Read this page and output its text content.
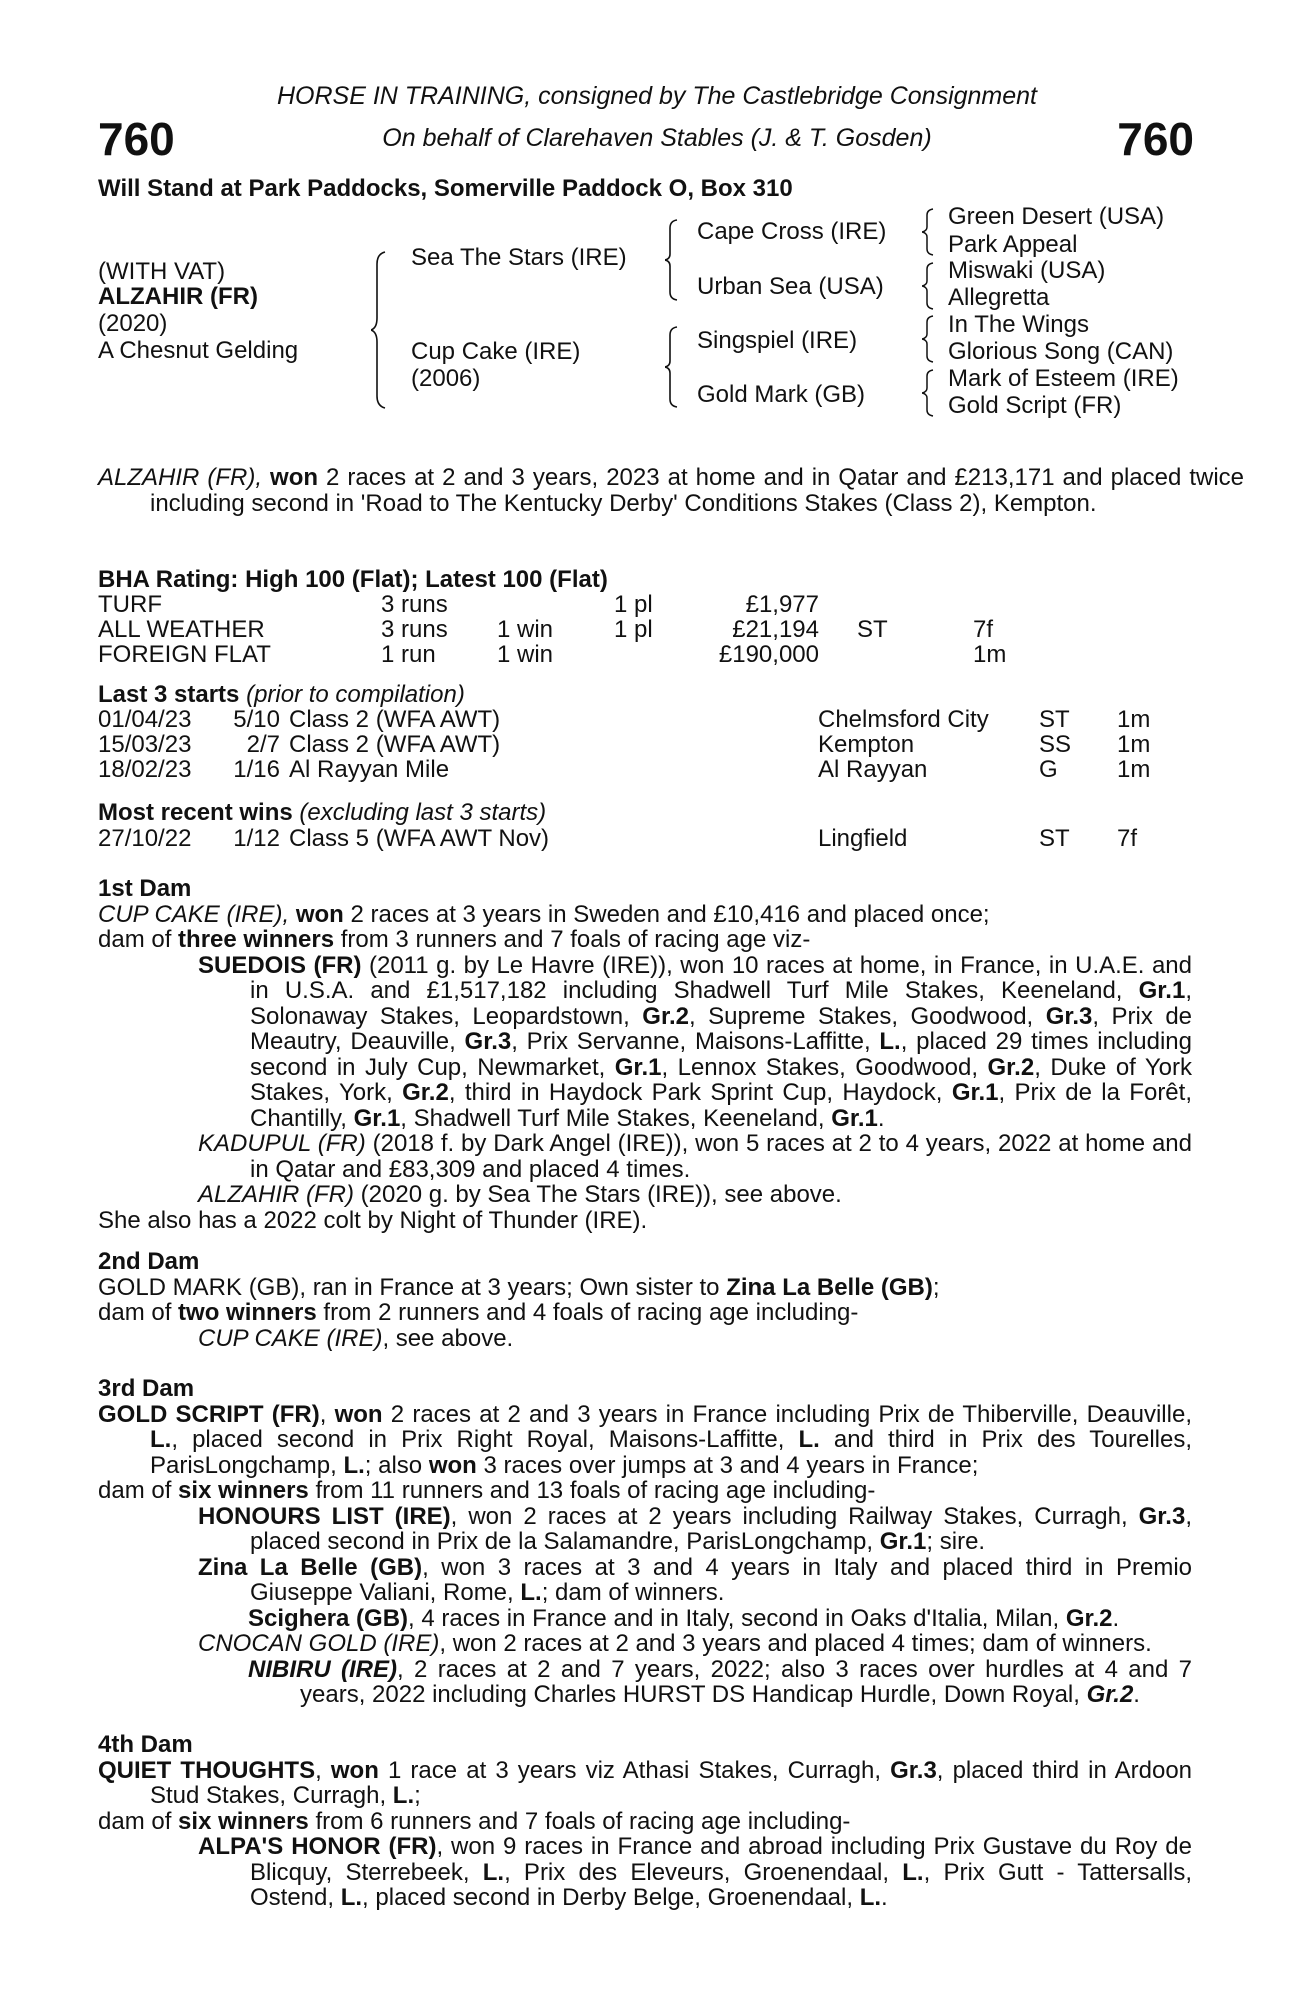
HORSE IN TRAINING, consigned by The Castlebridge Consignment
760	On behalf of Clarehaven Stables (J. & T. Gosden)	760
Will Stand at Park Paddocks, Somerville Paddock O, Box 310
(WITH VAT)
ALZAHIR (FR)
(2020)
A Chesnut Gelding
Sea The Stars (IRE)
Cup Cake (IRE)
(2006)
Cape Cross (IRE)
Urban Sea (USA)
Singspiel (IRE)
Gold Mark (GB)
Green Desert (USA)
Park Appeal
Miswaki (USA)
Allegretta
In The Wings
Glorious Song (CAN)
Mark of Esteem (IRE)
Gold Script (FR)
ALZAHIR (FR), won 2 races at 2 and 3 years, 2023 at home and in Qatar and £213,171 and placed twice including second in 'Road to The Kentucky Derby' Conditions Stakes (Class 2), Kempton.
BHA Rating: High 100 (Flat); Latest 100 (Flat)
TURF	3 runs	1 pl	£1,977
ALL WEATHER	3 runs 1 win	1 pl	£21,194 ST	7f
FOREIGN FLAT	1 run	1 win	£190,000	1m
Last 3 starts (prior to compilation)
01/04/23 5/10 Class 2 (WFA AWT)	Chelmsford City ST 1m
15/03/23 2/7 Class 2 (WFA AWT)	Kempton	SS 1m
18/02/23 1/16 Al Rayyan Mile	Al Rayyan	G 1m
Most recent wins (excluding last 3 starts)
27/10/22 1/12 Class 5 (WFA AWT Nov)	Lingfield	ST 7f
1st Dam
CUP CAKE (IRE), won 2 races at 3 years in Sweden and £10,416 and placed once;
dam of three winners from 3 runners and 7 foals of racing age viz-
SUEDOIS (FR) (2011 g. by Le Havre (IRE)), won 10 races at home, in France, in U.A.E. and in U.S.A. and £1,517,182 including Shadwell Turf Mile Stakes, Keeneland, Gr.1, Solonaway Stakes, Leopardstown, Gr.2, Supreme Stakes, Goodwood, Gr.3, Prix de Meautry, Deauville, Gr.3, Prix Servanne, Maisons-Laffitte, L., placed 29 times including second in July Cup, Newmarket, Gr.1, Lennox Stakes, Goodwood, Gr.2, Duke of York Stakes, York, Gr.2, third in Haydock Park Sprint Cup, Haydock, Gr.1, Prix de la Forêt, Chantilly, Gr.1, Shadwell Turf Mile Stakes, Keeneland, Gr.1.
KADUPUL (FR) (2018 f. by Dark Angel (IRE)), won 5 races at 2 to 4 years, 2022 at home and in Qatar and £83,309 and placed 4 times.
ALZAHIR (FR) (2020 g. by Sea The Stars (IRE)), see above.
She also has a 2022 colt by Night of Thunder (IRE).
2nd Dam
GOLD MARK (GB), ran in France at 3 years; Own sister to Zina La Belle (GB);
dam of two winners from 2 runners and 4 foals of racing age including-
CUP CAKE (IRE), see above.
3rd Dam
GOLD SCRIPT (FR), won 2 races at 2 and 3 years in France including Prix de Thiberville, Deauville, L., placed second in Prix Right Royal, Maisons-Laffitte, L. and third in Prix des Tourelles, ParisLongchamp, L.; also won 3 races over jumps at 3 and 4 years in France;
dam of six winners from 11 runners and 13 foals of racing age including-
HONOURS LIST (IRE), won 2 races at 2 years including Railway Stakes, Curragh, Gr.3, placed second in Prix de la Salamandre, ParisLongchamp, Gr.1; sire.
Zina La Belle (GB), won 3 races at 3 and 4 years in Italy and placed third in Premio Giuseppe Valiani, Rome, L.; dam of winners.
Scighera (GB), 4 races in France and in Italy, second in Oaks d'Italia, Milan, Gr.2.
CNOCAN GOLD (IRE), won 2 races at 2 and 3 years and placed 4 times; dam of winners.
NIBIRU (IRE), 2 races at 2 and 7 years, 2022; also 3 races over hurdles at 4 and 7 years, 2022 including Charles HURST DS Handicap Hurdle, Down Royal, Gr.2.
4th Dam
QUIET THOUGHTS, won 1 race at 3 years viz Athasi Stakes, Curragh, Gr.3, placed third in Ardoon Stud Stakes, Curragh, L.;
dam of six winners from 6 runners and 7 foals of racing age including-
ALPA'S HONOR (FR), won 9 races in France and abroad including Prix Gustave du Roy de Blicquy, Sterrebeek, L., Prix des Eleveurs, Groenendaal, L., Prix Gutt - Tattersalls, Ostend, L., placed second in Derby Belge, Groenendaal, L..
